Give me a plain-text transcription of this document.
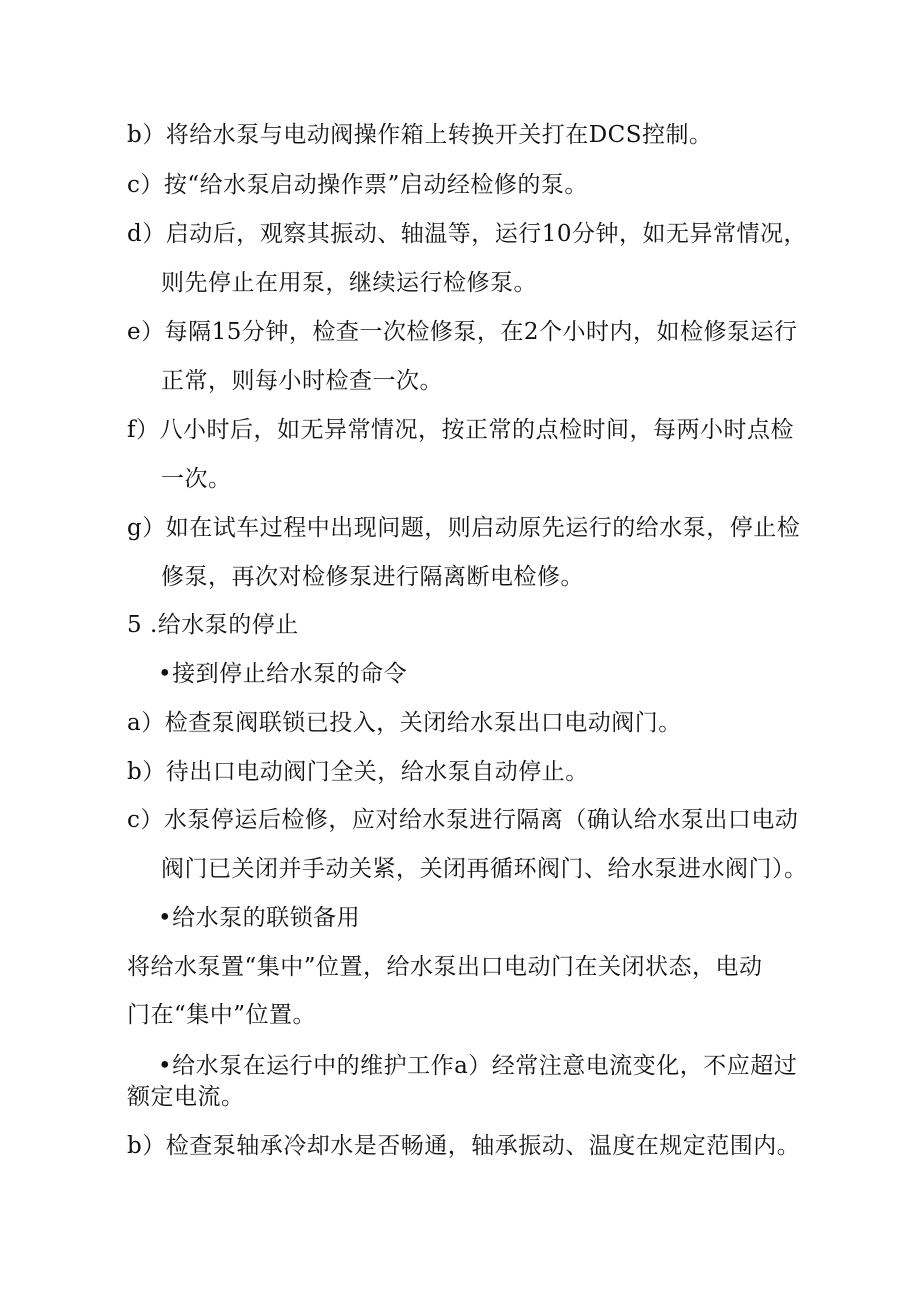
b）将给水泵与电动阀操作箱上转换开关打在DCS控制。
c）按“给水泵启动操作票”启动经检修的泵。
d）启动后，观察其振动、轴温等，运行10分钟，如无异常情况，
则先停止在用泵，继续运行检修泵。
e）每隔15分钟，检查一次检修泵，在2个小时内，如检修泵运行
正常，则每小时检查一次。
f）八小时后，如无异常情况，按正常的点检时间，每两小时点检
一次。
g）如在试车过程中出现问题，则启动原先运行的给水泵，停止检
修泵，再次对检修泵进行隔离断电检修。
5 .给水泵的停止
•接到停止给水泵的命令
a）检查泵阀联锁已投入，关闭给水泵出口电动阀门。
b）待出口电动阀门全关，给水泵自动停止。
c）水泵停运后检修，应对给水泵进行隔离（确认给水泵出口电动
阀门已关闭并手动关紧，关闭再循环阀门、给水泵进水阀门）。
•给水泵的联锁备用
将给水泵置“集中”位置，给水泵出口电动门在关闭状态，电动
门在“集中”位置。
•给水泵在运行中的维护工作a）经常注意电流变化，不应超过
额定电流。
b）检查泵轴承冷却水是否畅通，轴承振动、温度在规定范围内。
